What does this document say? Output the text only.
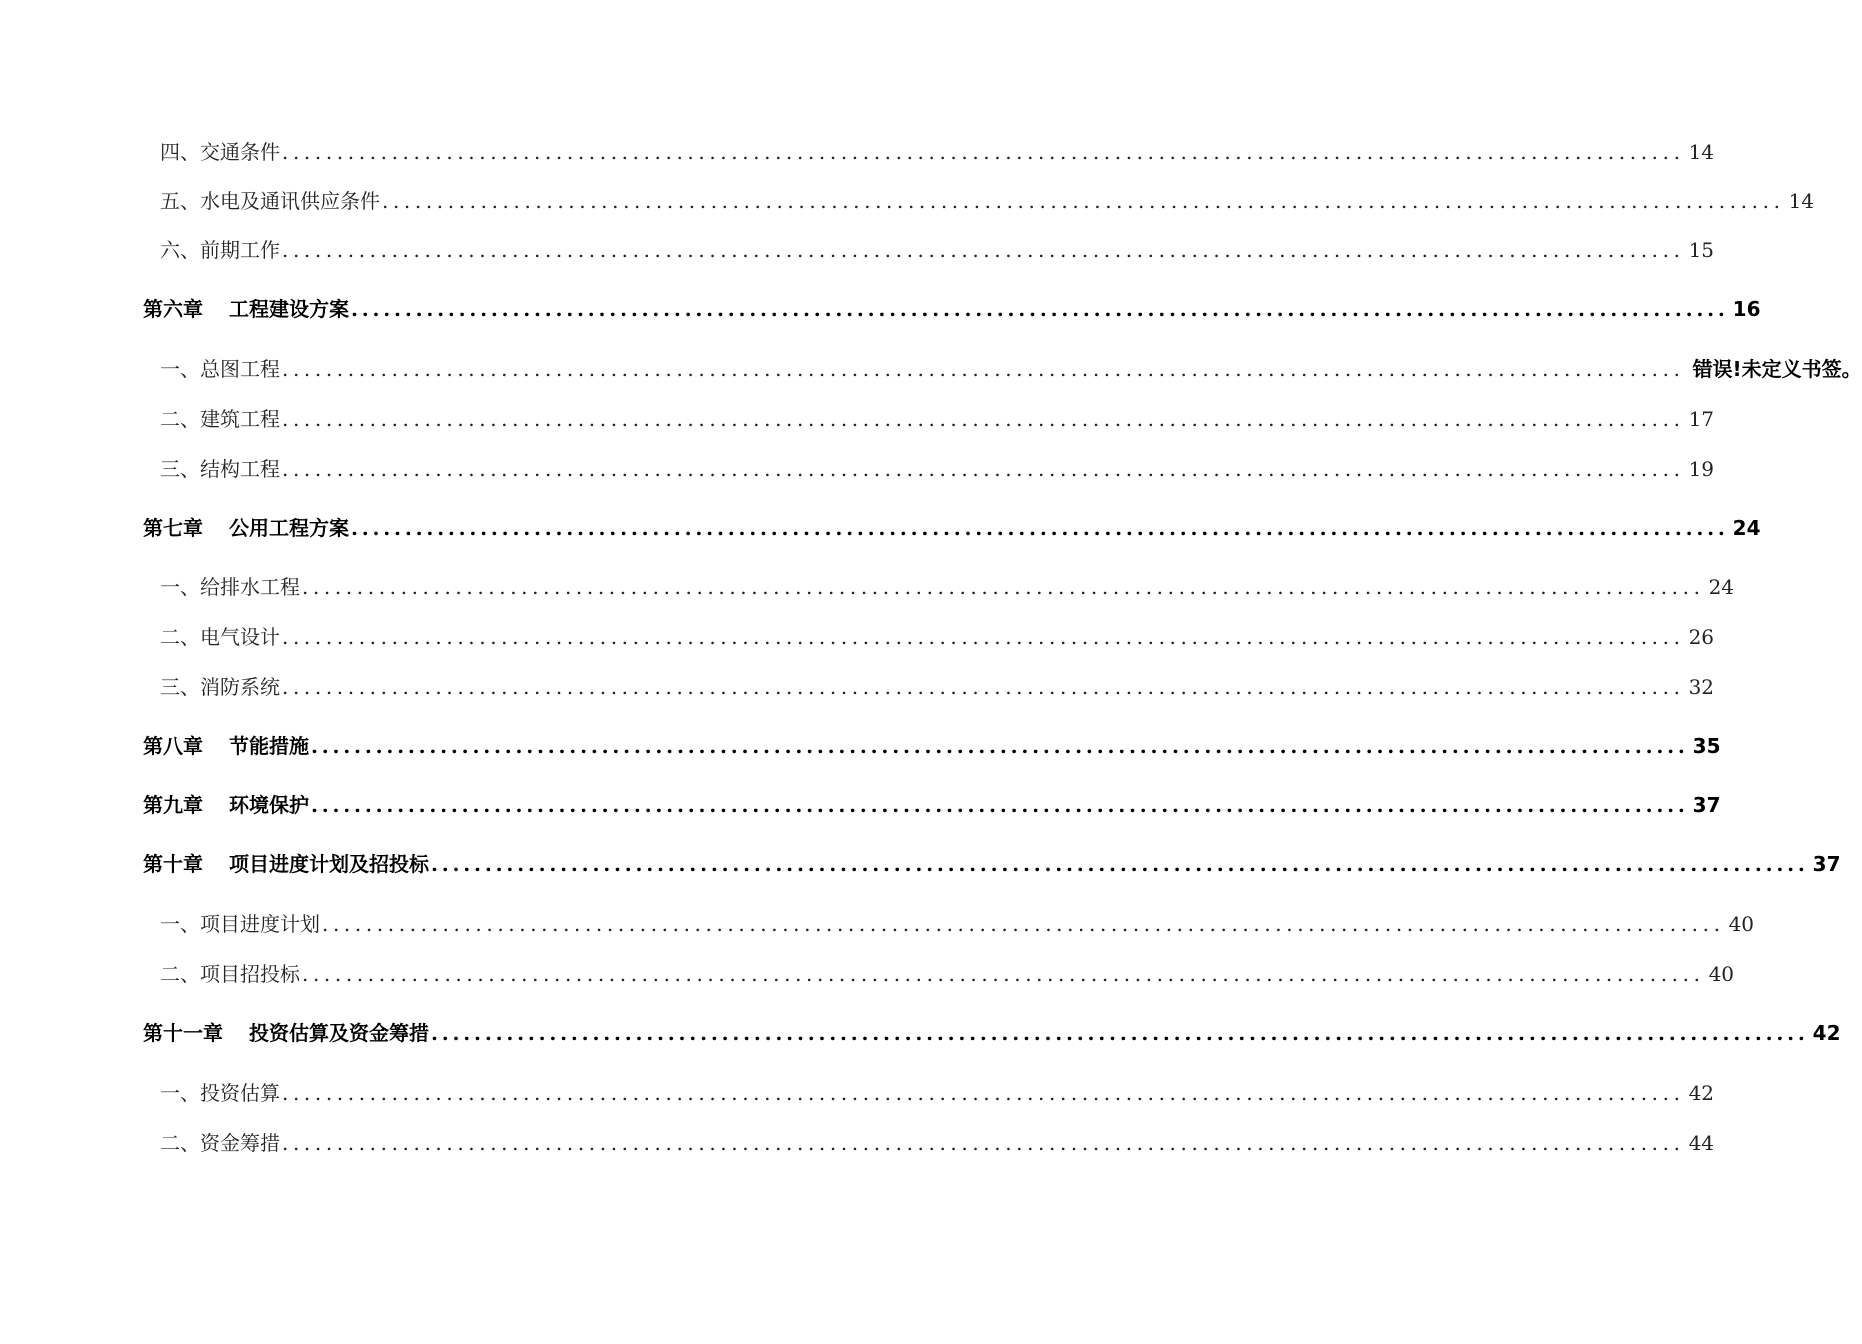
四、交通条件 ................................................................................................................................ 14
五、水电及通讯供应条件 ................................................................................................................................ 14
六、前期工作 ................................................................................................................................ 15
第六章 工程建设方案 ................................................................................................................................ 16
一、总图工程 ................................................................................................................................ 错误!未定义书签。
二、建筑工程 ................................................................................................................................ 17
三、结构工程 ................................................................................................................................ 19
第七章 公用工程方案 ................................................................................................................................ 24
一、给排水工程 ................................................................................................................................ 24
二、电气设计 ................................................................................................................................ 26
三、消防系统 ................................................................................................................................ 32
第八章 节能措施 ................................................................................................................................ 35
第九章 环境保护 ................................................................................................................................ 37
第十章 项目进度计划及招投标 ................................................................................................................................ 37
一、项目进度计划 ................................................................................................................................ 40
二、项目招投标 ................................................................................................................................ 40
第十一章 投资估算及资金筹措 ................................................................................................................................ 42
一、投资估算 ................................................................................................................................ 42
二、资金筹措 ................................................................................................................................ 44
